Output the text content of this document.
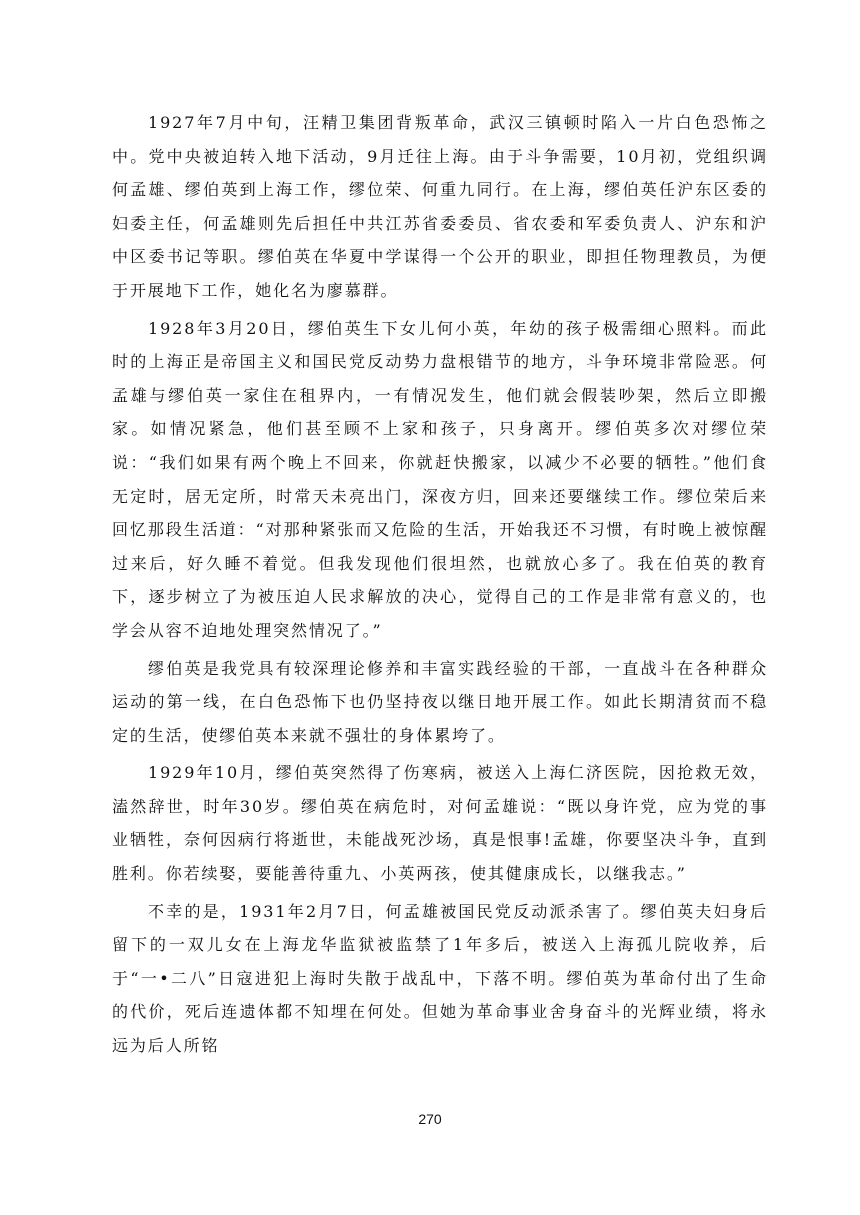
1927年7月中旬，汪精卫集团背叛革命，武汉三镇顿时陷入一片白色恐怖之中。党中央被迫转入地下活动，9月迁往上海。由于斗争需要，10月初，党组织调何孟雄、缪伯英到上海工作，缪位荣、何重九同行。在上海，缪伯英任沪东区委的妇委主任，何孟雄则先后担任中共江苏省委委员、省农委和军委负责人、沪东和沪中区委书记等职。缪伯英在华夏中学谋得一个公开的职业，即担任物理教员，为便于开展地下工作，她化名为廖慕群。

1928年3月20日，缪伯英生下女儿何小英，年幼的孩子极需细心照料。而此时的上海正是帝国主义和国民党反动势力盘根错节的地方，斗争环境非常险恶。何孟雄与缪伯英一家住在租界内，一有情况发生，他们就会假装吵架，然后立即搬家。如情况紧急，他们甚至顾不上家和孩子，只身离开。缪伯英多次对缪位荣说：“我们如果有两个晚上不回来，你就赶快搬家，以减少不必要的牺牲。”他们食无定时，居无定所，时常天未亮出门，深夜方归，回来还要继续工作。缪位荣后来回忆那段生活道：“对那种紧张而又危险的生活，开始我还不习惯，有时晚上被惊醒过来后，好久睡不着觉。但我发现他们很坦然，也就放心多了。我在伯英的教育下，逐步树立了为被压迫人民求解放的决心，觉得自己的工作是非常有意义的，也学会从容不迫地处理突然情况了。”

缪伯英是我党具有较深理论修养和丰富实践经验的干部，一直战斗在各种群众运动的第一线，在白色恐怖下也仍坚持夜以继日地开展工作。如此长期清贫而不稳定的生活，使缪伯英本来就不强壮的身体累垮了。

1929年10月，缪伯英突然得了伤寒病，被送入上海仁济医院，因抢救无效，溘然辞世，时年30岁。缪伯英在病危时，对何孟雄说：“既以身许党，应为党的事业牺牲，奈何因病行将逝世，未能战死沙场，真是恨事!孟雄，你要坚决斗争，直到胜利。你若续娶，要能善待重九、小英两孩，使其健康成长，以继我志。”

不幸的是，1931年2月7日，何孟雄被国民党反动派杀害了。缪伯英夫妇身后留下的一双儿女在上海龙华监狱被监禁了1年多后，被送入上海孤儿院收养，后于“一•二八”日寇进犯上海时失散于战乱中，下落不明。缪伯英为革命付出了生命的代价，死后连遗体都不知埋在何处。但她为革命事业舍身奋斗的光辉业绩，将永远为后人所铭

270
